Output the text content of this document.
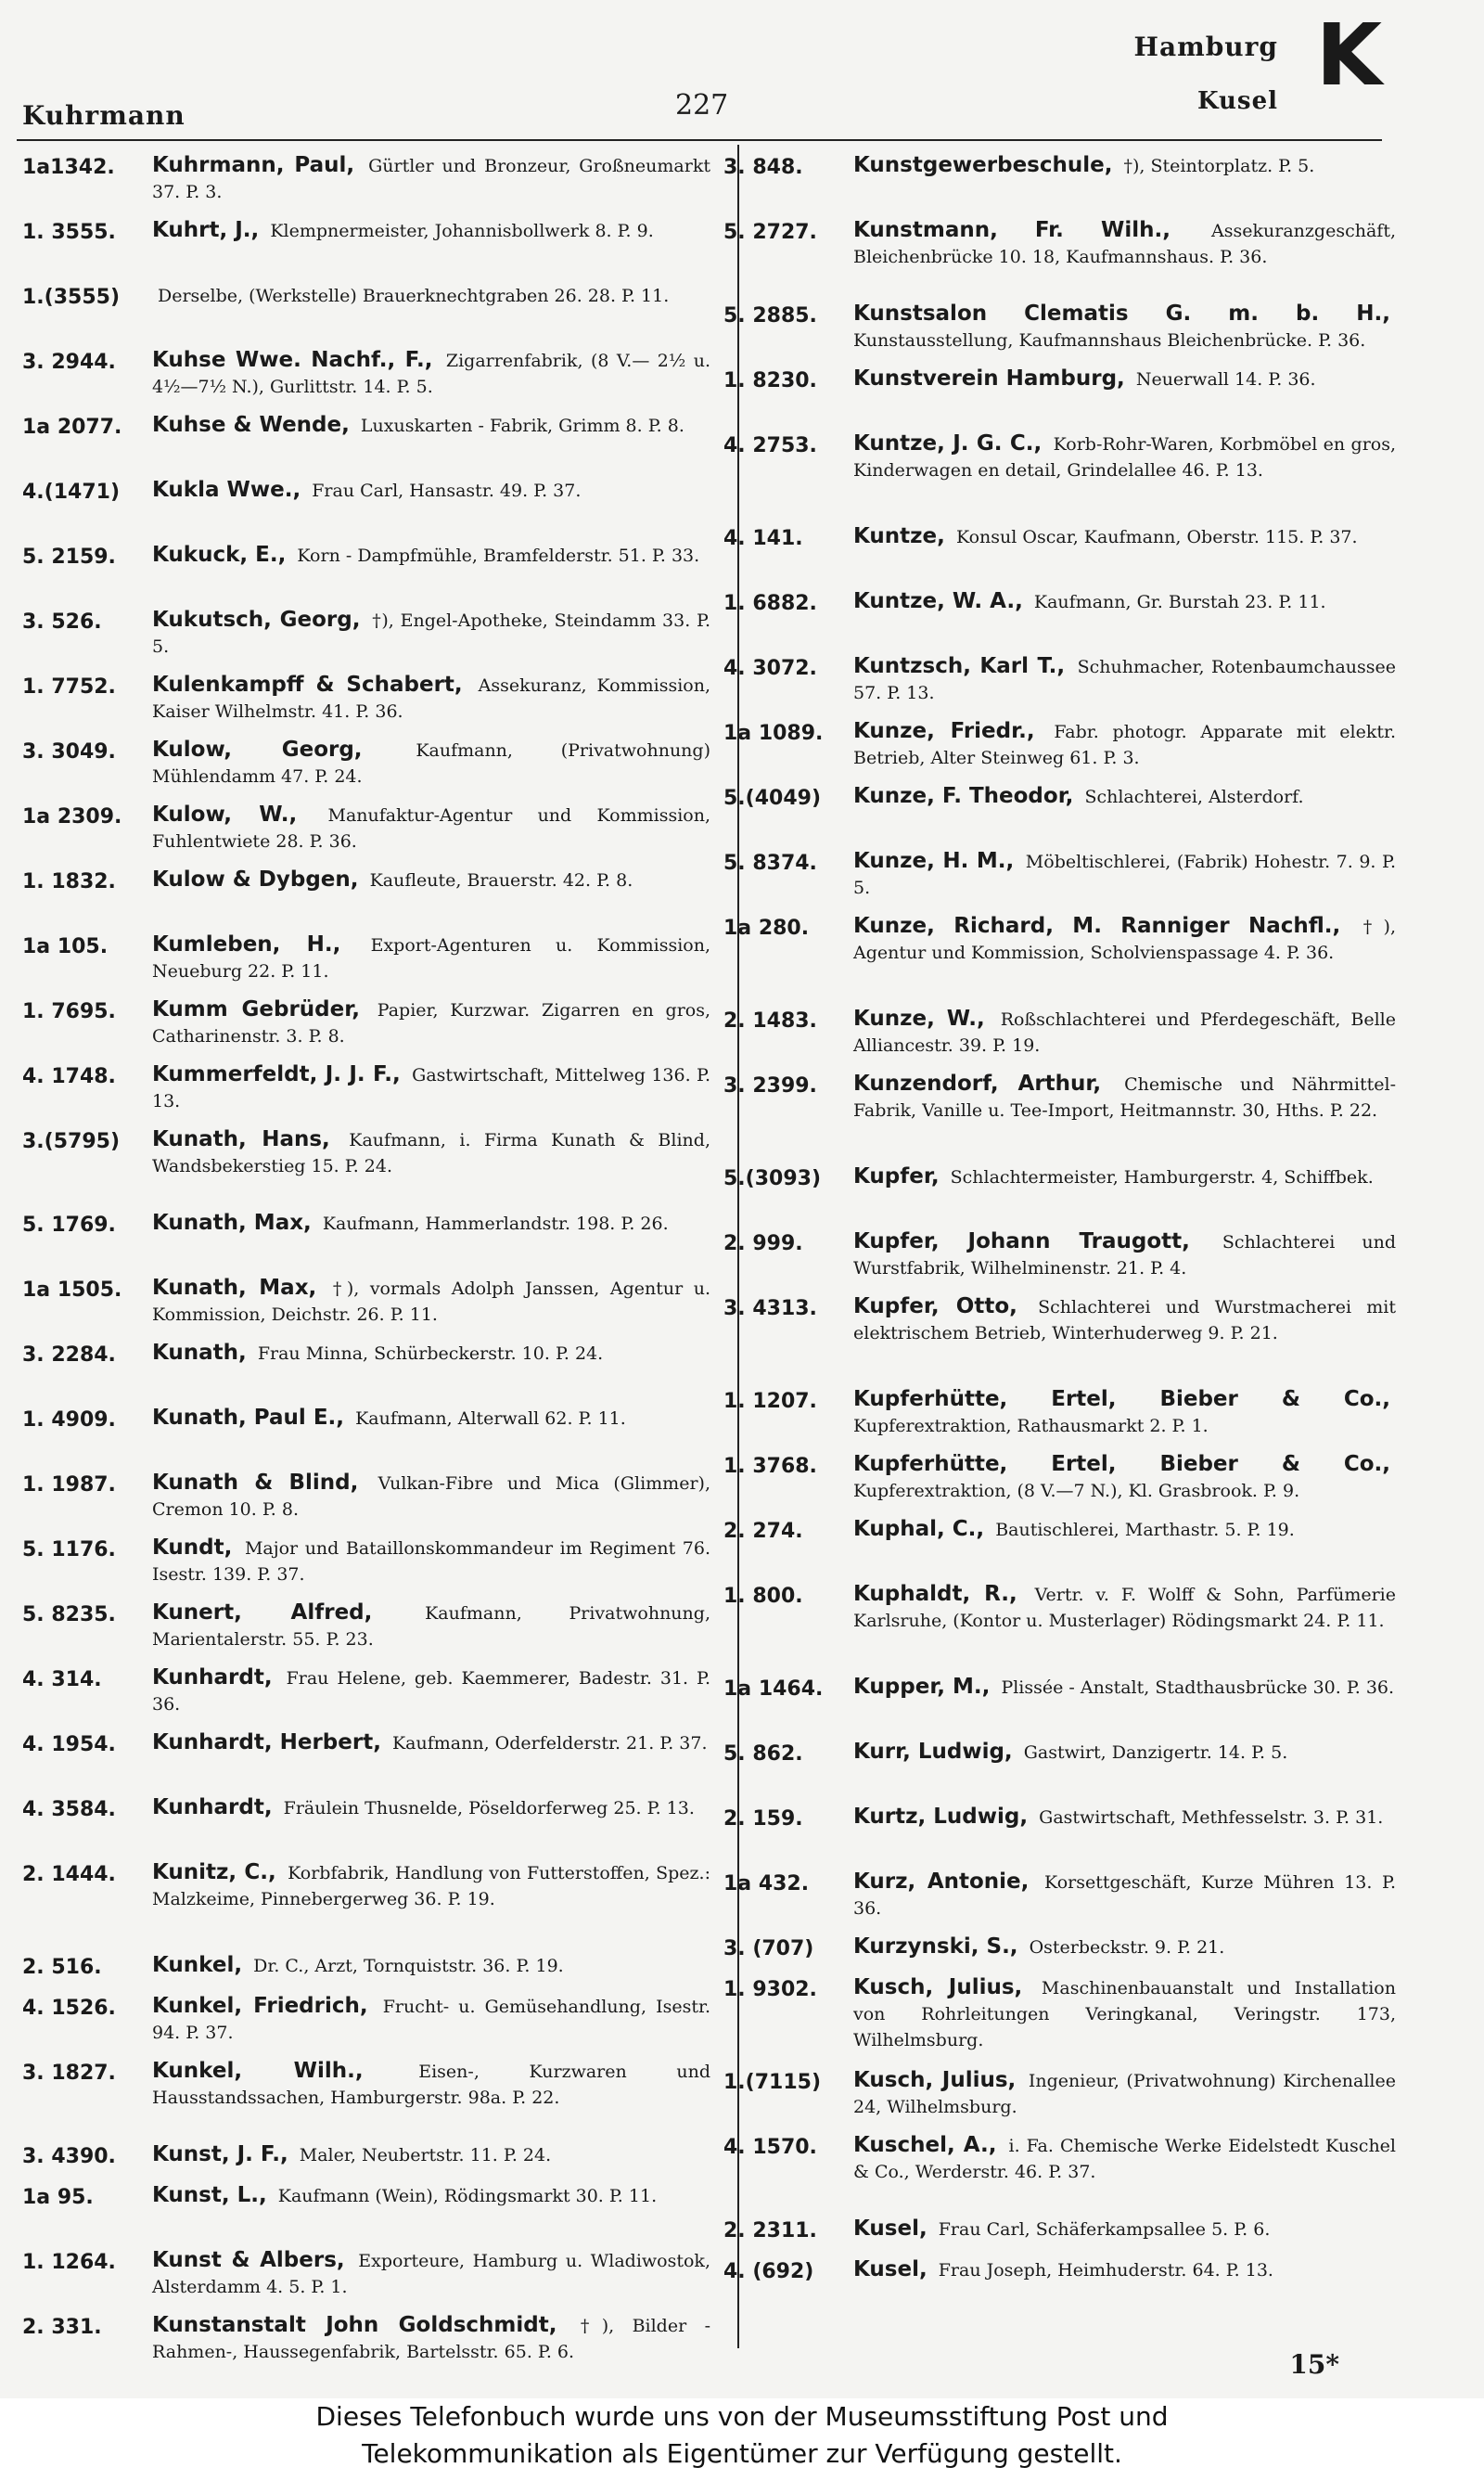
Kuhrmann	227
Hamburg
Kusel K
1a1342.	Kuhrmann, Paul, Gürtler und Bronzeur, Großneumarkt 37. P. 3.
1. 3555.	Kuhrt, J., Klempnermeister, Johannisbollwerk 8. P. 9.
1.(3555)	Derselbe, (Werkstelle) Brauerknechtgraben 26. 28. P. 11.
3. 2944.	Kuhse Wwe. Nachf., F., Zigarrenfabrik, (8 V.— 2½ u. 4½—7½ N.), Gurlittstr. 14. P. 5.
1a 2077.	Kuhse & Wende, Luxuskarten - Fabrik, Grimm 8. P. 8.
4.(1471)	Kukla Wwe., Frau Carl, Hansastr. 49. P. 37.
5. 2159.	Kukuck, E., Korn - Dampfmühle, Bramfelderstr. 51. P. 33.
3. 526.	Kukutsch, Georg, †), Engel-Apotheke, Steindamm 33. P. 5.
1. 7752.	Kulenkampff & Schabert, Assekuranz, Kommission, Kaiser Wilhelmstr. 41. P. 36.
3. 3049.	Kulow, Georg,	Kaufmann, (Privatwohnung) Mühlendamm 47. P. 24.
1a 2309.	Kulow, W., Manufaktur-Agentur und Kommission, Fuhlentwiete 28. P. 36.
1. 1832.	Kulow & Dybgen, Kaufleute, Brauerstr. 42. P. 8.
1a 105.	Kumleben, H., Export-Agenturen u. Kommission, Neueburg 22. P. 11.
1. 7695.	Kumm Gebrüder, Papier, Kurzwar. Zigarren en gros, Catharinenstr. 3. P. 8.
4. 1748.	Kummerfeldt, J. J. F., Gastwirtschaft, Mittelweg 136. P. 13.
3.(5795)	Kunath, Hans, Kaufmann, i. Firma Kunath & Blind, Wandsbekerstieg 15. P. 24.
5. 1769.	Kunath, Max, Kaufmann, Hammerlandstr. 198. P. 26.
1a 1505.	Kunath, Max, †), vormals Adolph Janssen, Agentur u. Kommission, Deichstr. 26. P. 11.
3. 2284.	Kunath, Frau Minna, Schürbeckerstr. 10. P. 24.
1. 4909.	Kunath, Paul E., Kaufmann, Alterwall 62. P. 11.
1. 1987.	Kunath & Blind, Vulkan-Fibre und Mica (Glimmer), Cremon 10. P. 8.
5. 1176.	Kundt, Major und Bataillonskommandeur im Regiment 76. Isestr. 139. P. 37.
5. 8235.	Kunert, Alfred,	Kaufmann, Privatwohnung, Marientalerstr. 55. P. 23.
4. 314.	Kunhardt, Frau Helene, geb. Kaemmerer, Badestr. 31. P. 36.
4. 1954.	Kunhardt, Herbert, Kaufmann, Oderfelderstr. 21. P. 37.
4. 3584.	Kunhardt, Fräulein Thusnelde, Pöseldorferweg 25. P. 13.
2. 1444.	Kunitz, C., Korbfabrik, Handlung von Futterstoffen, Spez.: Malzkeime, Pinnebergerweg 36. P. 19.
2. 516.	Kunkel, Dr. C., Arzt, Tornquiststr. 36. P. 19.
4. 1526.	Kunkel, Friedrich, Frucht- u. Gemüsehandlung, Isestr. 94. P. 37.
3. 1827.	Kunkel, Wilh.,	Eisen-, Kurzwaren und Hausstandssachen, Hamburgerstr. 98a. P. 22.
3. 4390.	Kunst, J. F., Maler, Neubertstr. 11. P. 24.
1a 95.	Kunst, L., Kaufmann (Wein), Rödingsmarkt 30. P. 11.
1. 1264.	Kunst & Albers, Exporteure, Hamburg u. Wladiwostok, Alsterdamm 4. 5. P. 1.
2. 331.	Kunstanstalt John Goldschmidt, †), Bilder - Rahmen-, Haussegenfabrik, Bartelsstr. 65. P. 6.
3. 848.	Kunstgewerbeschule, †), Steintorplatz. P. 5.
5. 2727.	Kunstmann, Fr. Wilh., Assekuranzgeschäft, Bleichenbrücke 10. 18, Kaufmannshaus. P. 36.
5. 2885.	Kunstsalon Clematis G. m. b. H., Kunstausstellung, Kaufmannshaus Bleichenbrücke. P. 36.
1. 8230.	Kunstverein Hamburg, Neuerwall 14. P. 36.
4. 2753.	Kuntze, J. G. C., Korb-Rohr-Waren, Korbmöbel en gros, Kinderwagen en detail, Grindelallee 46. P. 13.
4. 141.	Kuntze, Konsul Oscar, Kaufmann, Oberstr. 115. P. 37.
1. 6882.	Kuntze, W. A., Kaufmann, Gr. Burstah 23. P. 11.
4. 3072.	Kuntzsch, Karl T., Schuhmacher, Rotenbaumchaussee 57. P. 13.
1a 1089.	Kunze, Friedr., Fabr. photogr. Apparate mit elektr. Betrieb, Alter Steinweg 61. P. 3.
5.(4049)	Kunze, F. Theodor, Schlachterei, Alsterdorf.
5. 8374.	Kunze, H. M., Möbeltischlerei, (Fabrik) Hohestr. 7. 9. P. 5.
1a 280.	Kunze, Richard, M. Ranniger Nachfl., †), Agentur und Kommission, Scholvienspassage 4. P. 36.
2. 1483.	Kunze, W., Roßschlachterei und Pferdegeschäft, Belle Alliancestr. 39. P. 19.
3. 2399.	Kunzendorf, Arthur, Chemische und Nährmittel-Fabrik, Vanille u. Tee-Import, Heitmannstr. 30, Hths. P. 22.
5.(3093)	Kupfer, Schlachtermeister, Hamburgerstr. 4, Schiffbek.
2. 999.	Kupfer, Johann Traugott, Schlachterei und Wurstfabrik, Wilhelminenstr. 21. P. 4.
3. 4313.	Kupfer, Otto, Schlachterei und Wurstmacherei mit elektrischem Betrieb, Winterhuderweg 9. P. 21.
1. 1207.	Kupferhütte, Ertel, Bieber & Co., Kupferextraktion, Rathausmarkt 2. P. 1.
1. 3768.	Kupferhütte, Ertel, Bieber & Co., Kupferextraktion, (8 V.—7 N.), Kl. Grasbrook. P. 9.
2. 274.	Kuphal, C., Bautischlerei, Marthastr. 5. P. 19.
1. 800.	Kuphaldt, R., Vertr. v. F. Wolff & Sohn, Parfümerie Karlsruhe, (Kontor u. Musterlager) Rödingsmarkt 24. P. 11.
1a 1464.	Kupper, M., Plissée - Anstalt, Stadthausbrücke 30. P. 36.
5. 862.	Kurr, Ludwig, Gastwirt, Danzigertr. 14. P. 5.
2. 159.	Kurtz, Ludwig, Gastwirtschaft, Methfesselstr. 3. P. 31.
1a 432.	Kurz, Antonie, Korsettgeschäft, Kurze Mühren 13. P. 36.
3. (707)	Kurzynski, S., Osterbeckstr. 9. P. 21.
1. 9302.	Kusch, Julius, Maschinenbauanstalt und Installation von Rohrleitungen Veringkanal, Veringstr. 173, Wilhelmsburg.
1.(7115)	Kusch, Julius, Ingenieur, (Privatwohnung) Kirchenallee 24, Wilhelmsburg.
4. 1570.	Kuschel, A., i. Fa. Chemische Werke Eidelstedt Kuschel & Co., Werderstr. 46. P. 37.
2. 2311.	Kusel, Frau Carl, Schäferkampsallee 5. P. 6.
4. (692)	Kusel, Frau Joseph, Heimhuderstr. 64. P. 13.
15*
Dieses Telefonbuch wurde uns von der Museumsstiftung Post und
Telekommunikation als Eigentümer zur Verfügung gestellt.
